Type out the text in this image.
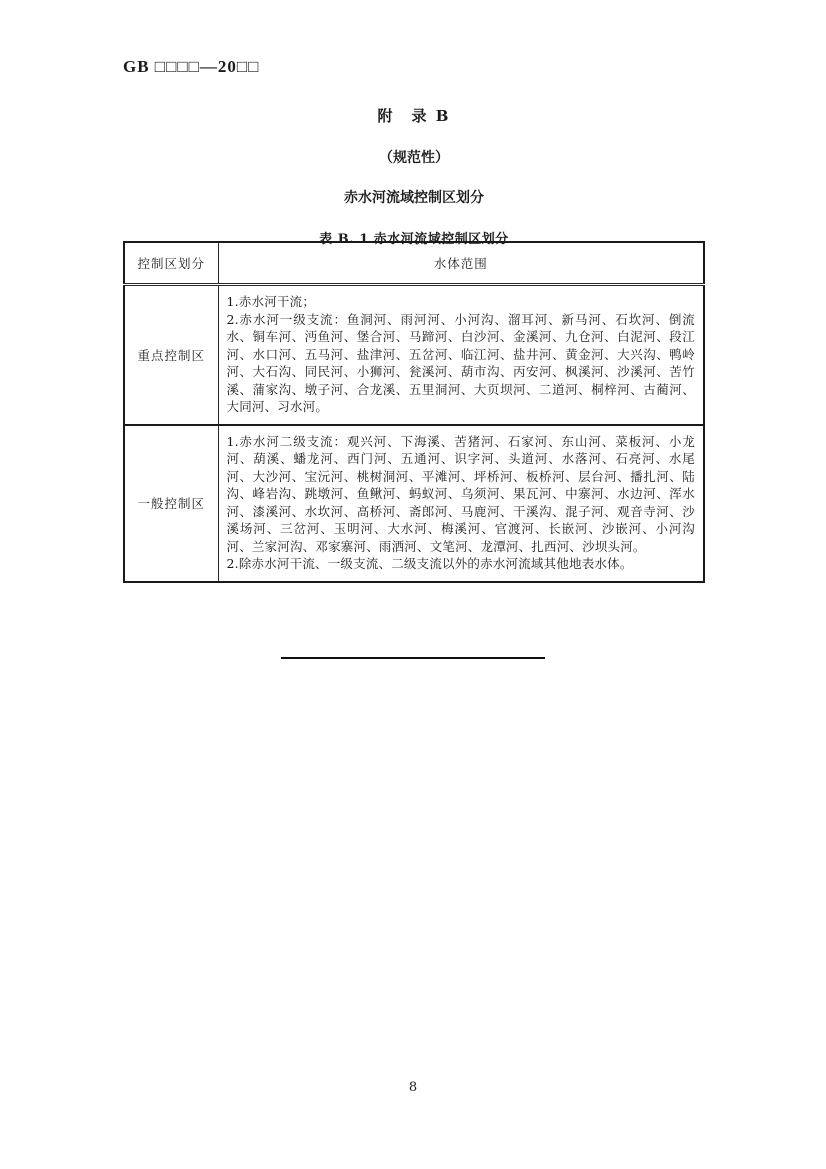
GB □□□□—20□□
附　录 B
（规范性）
赤水河流域控制区划分
表 B. 1 赤水河流域控制区划分
控制区划分	水体范围
重点控制区	1.赤水河干流；

2.赤水河一级支流：鱼洞河、雨河河、小河沟、溜耳河、新马河、石坎河、倒流水、铜车河、沔鱼河、堡合河、马蹄河、白沙河、金溪河、九仓河、白泥河、段江河、水口河、五马河、盐津河、五岔河、临江河、盐井河、黄金河、大兴沟、鸭岭河、大石沟、同民河、小狮河、瓮溪河、葫市沟、丙安河、枫溪河、沙溪河、苦竹溪、蒲家沟、墩子河、合龙溪、五里洞河、大页坝河、二道河、桐梓河、古蔺河、大同河、习水河。

一般控制区	1.赤水河二级支流：观兴河、下海溪、苦猪河、石家河、东山河、菜板河、小龙河、葫溪、蟠龙河、西门河、五通河、识字河、头道河、水落河、石亮河、水尾河、大沙河、宝沅河、桃树洞河、平滩河、坪桥河、板桥河、层台河、播扎河、陆沟、峰岩沟、跳墩河、鱼鳅河、蚂蚁河、乌须河、果瓦河、中寨河、水边河、浑水河、漆溪河、水坎河、高桥河、斋郎河、马鹿河、干溪沟、混子河、观音寺河、沙溪场河、三岔河、玉明河、大水河、梅溪河、官渡河、长嵌河、沙嵌河、小河沟河、兰家河沟、邓家寨河、雨洒河、文笔河、龙潭河、扎西河、沙坝头河。

2.除赤水河干流、一级支流、二级支流以外的赤水河流域其他地表水体。

8
